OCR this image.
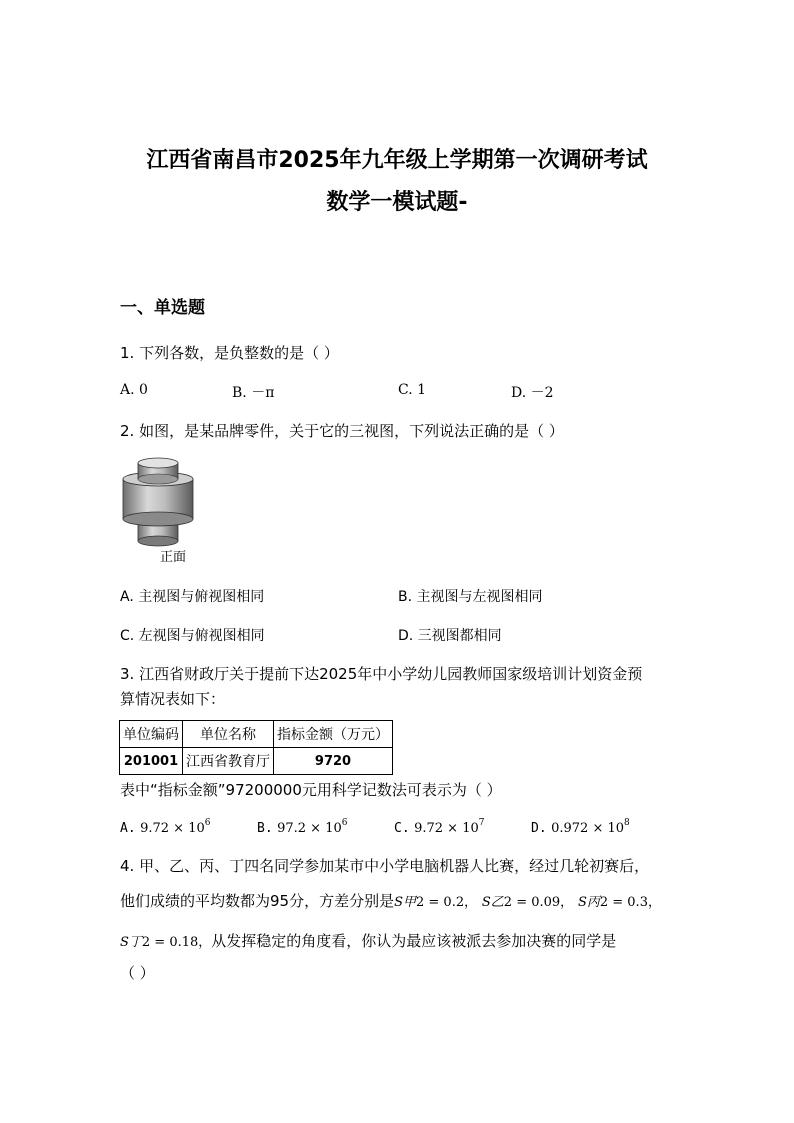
江西省南昌市2025年九年级上学期第一次调研考试
数学一模试题-
一、单选题
1. 下列各数，是负整数的是（ ）
A. 0	B. －π	C. 1	D. －2
2. 如图，是某品牌零件，关于它的三视图，下列说法正确的是（ ）
正面
A. 主视图与俯视图相同	B. 主视图与左视图相同
C. 左视图与俯视图相同	D. 三视图都相同
3. 江西省财政厅关于提前下达2025年中小学幼儿园教师国家级培训计划资金预
算情况表如下：
单位编码	单位名称	指标金额（万元）
201001	江西省教育厅	9720
表中“指标金额”97200000元用科学记数法可表示为（ ）
A. $9.72 \times 10^6$	B. $97.2 \times 10^6$	C. $9.72 \times 10^7$	D. $0.972 \times 10^8$
4. 甲、乙、丙、丁四名同学参加某市中小学电脑机器人比赛，经过几轮初赛后，
他们成绩的平均数都为95分，方差分别是S甲2 = 0.2， S乙2 = 0.09， S丙2 = 0.3，
S丁2 = 0.18，从发挥稳定的角度看，你认为最应该被派去参加决赛的同学是
（ ）
